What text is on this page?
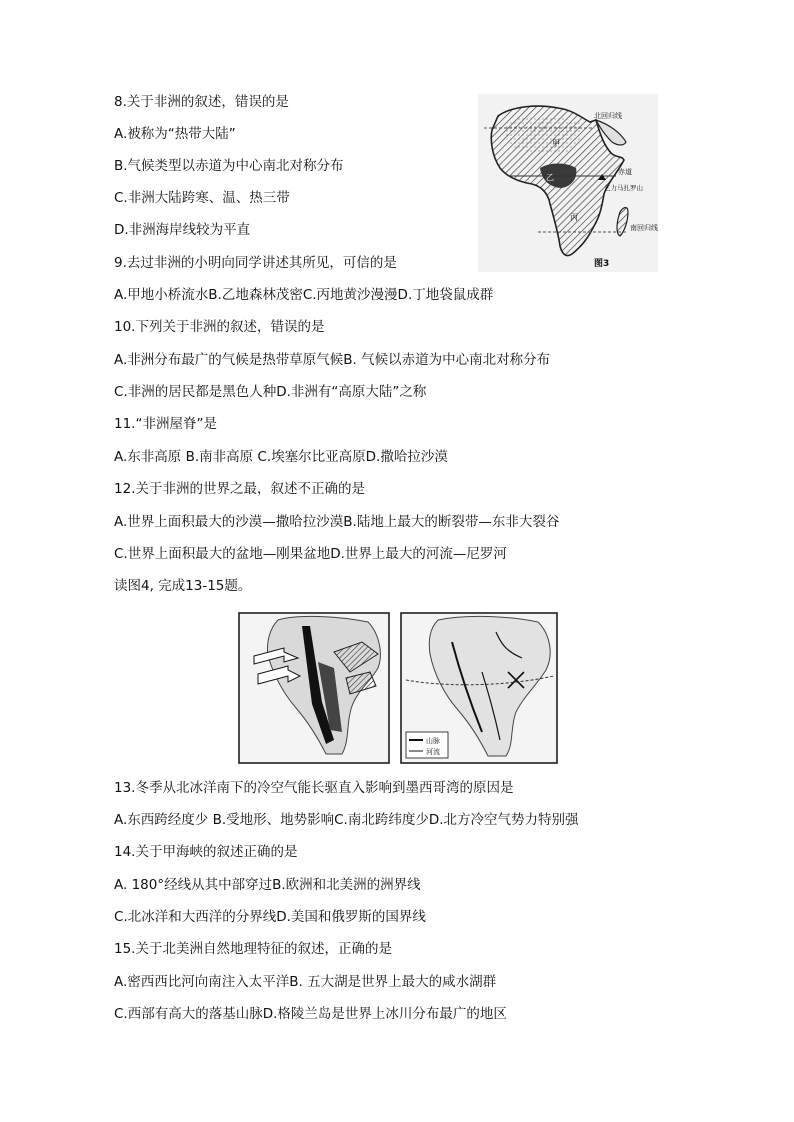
8.关于非洲的叙述，错误的是
A.被称为“热带大陆”
B.气候类型以赤道为中心南北对称分布
C.非洲大陆跨寒、温、热三带
D.非洲海岸线较为平直
9.去过非洲的小明向同学讲述其所见，可信的是
A.甲地小桥流水B.乙地森林茂密C.丙地黄沙漫漫D.丁地袋鼠成群
10.下列关于非洲的叙述，错误的是
A.非洲分布最广的气候是热带草原气候B. 气候以赤道为中心南北对称分布
C.非洲的居民都是黑色人种D.非洲有“高原大陆”之称
11.“非洲屋脊”是
A.东非高原 B.南非高原 C.埃塞尔比亚高原D.撒哈拉沙漠
12.关于非洲的世界之最，叙述不正确的是
A.世界上面积最大的沙漠—撒哈拉沙漠B.陆地上最大的断裂带—东非大裂谷
C.世界上面积最大的盆地—刚果盆地D.世界上最大的河流—尼罗河
读图4, 完成13-15题。
13.冬季从北冰洋南下的冷空气能长驱直入影响到墨西哥湾的原因是
A.东西跨经度少 B.受地形、地势影响C.南北跨纬度少D.北方冷空气势力特别强
14.关于甲海峡的叙述正确的是
A. 180°经线从其中部穿过B.欧洲和北美洲的洲界线
C.北冰洋和大西洋的分界线D.美国和俄罗斯的国界线
15.关于北美洲自然地理特征的叙述，正确的是
A.密西西比河向南注入太平洋B. 五大湖是世界上最大的咸水湖群
C.西部有高大的落基山脉D.格陵兰岛是世界上冰川分布最广的地区
北回归线
甲
乙
赤道
乞力马扎罗山
丙
南回归线
图3
山脉
河流
